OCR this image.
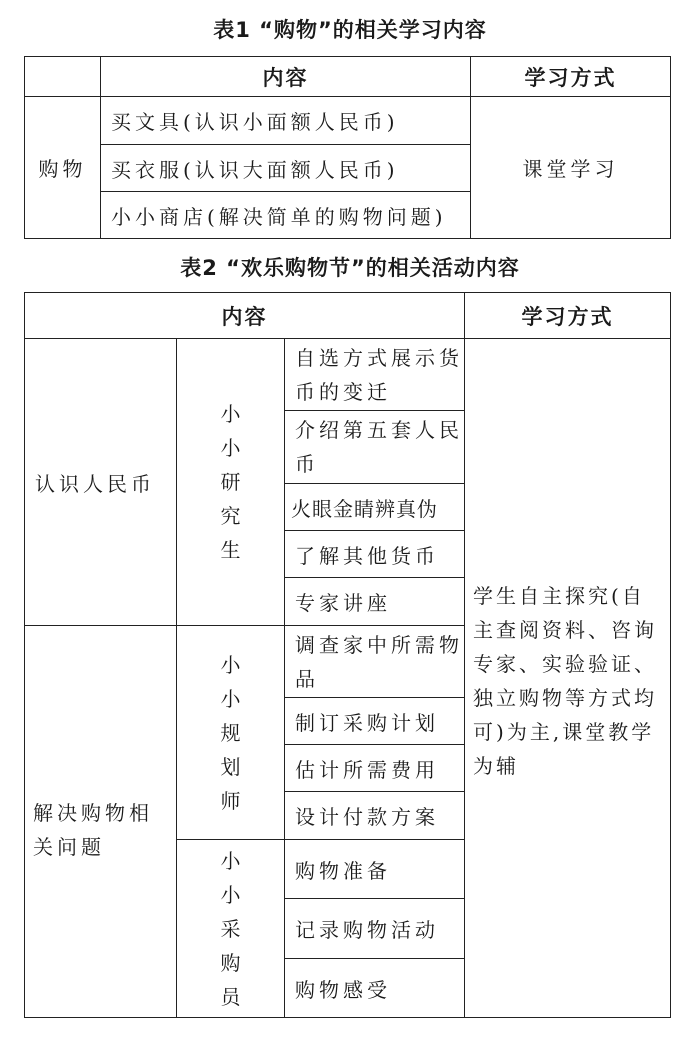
表1 “购物”的相关学习内容
	内容	学习方式
购物	买文具(认识小面额人民币)	课堂学习
	买衣服(认识大面额人民币)	
	小小商店(解决简单的购物问题)	
表2 “欢乐购物节”的相关活动内容
内容			学习方式
认识人民币	小小研究生	自选方式展示货币的变迁	学生自主探究(自主查阅资料、咨询专家、实验验证、独立购物等方式均可)为主,课堂教学为辅

		介绍第五套人民币	
		火眼金睛辨真伪	
		了解其他货币	
		专家讲座	
解决购物相关问题	小小规划师	调查家中所需物品	
		制订采购计划	
		估计所需费用	
		设计付款方案	

	小小采购员	购物准备	
		记录购物活动	
		购物感受	
